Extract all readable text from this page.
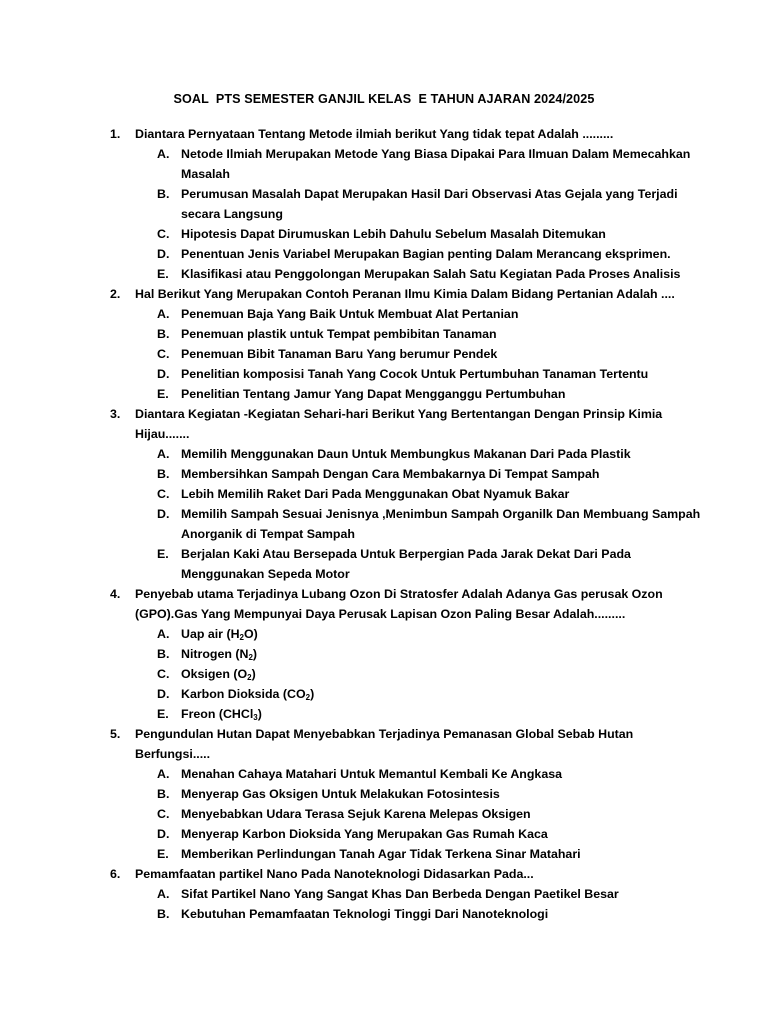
SOAL  PTS SEMESTER GANJIL KELAS  E TAHUN AJARAN 2024/2025
1. Diantara Pernyataan Tentang Metode ilmiah berikut Yang tidak tepat Adalah .........
A. Netode Ilmiah Merupakan Metode Yang Biasa Dipakai Para Ilmuan Dalam Memecahkan Masalah
B. Perumusan Masalah Dapat Merupakan Hasil Dari Observasi Atas Gejala yang Terjadi secara Langsung
C. Hipotesis Dapat Dirumuskan Lebih Dahulu Sebelum Masalah Ditemukan
D. Penentuan Jenis Variabel Merupakan Bagian penting Dalam Merancang eksprimen.
E. Klasifikasi atau Penggolongan Merupakan Salah Satu Kegiatan Pada Proses Analisis
2. Hal Berikut Yang Merupakan Contoh Peranan Ilmu Kimia Dalam Bidang Pertanian Adalah ....
A. Penemuan Baja Yang Baik Untuk Membuat Alat Pertanian
B. Penemuan plastik untuk Tempat pembibitan Tanaman
C. Penemuan Bibit Tanaman Baru Yang berumur Pendek
D. Penelitian komposisi Tanah Yang Cocok Untuk Pertumbuhan Tanaman Tertentu
E. Penelitian Tentang Jamur Yang Dapat Mengganggu Pertumbuhan
3. Diantara Kegiatan -Kegiatan Sehari-hari Berikut Yang Bertentangan Dengan Prinsip Kimia Hijau.......
A. Memilih Menggunakan Daun Untuk Membungkus Makanan Dari Pada Plastik
B. Membersihkan Sampah Dengan Cara Membakarnya Di Tempat Sampah
C. Lebih Memilih Raket Dari Pada Menggunakan Obat Nyamuk Bakar
D. Memilih Sampah Sesuai Jenisnya ,Menimbun Sampah Organilk Dan Membuang Sampah Anorganik di Tempat Sampah
E. Berjalan Kaki Atau Bersepada Untuk Berpergian Pada Jarak Dekat Dari Pada Menggunakan Sepeda Motor
4. Penyebab utama Terjadinya Lubang Ozon Di Stratosfer Adalah Adanya Gas perusak Ozon (GPO).Gas Yang Mempunyai Daya Perusak Lapisan Ozon Paling Besar Adalah.........
A. Uap air $(H_2O)$
B. Nitrogen $(N_2)$
C. Oksigen $(O_2)$
D. Karbon Dioksida $(CO_2)$
E. Freon (CHCl$_3$)
5. Pengundulan Hutan Dapat Menyebabkan Terjadinya Pemanasan Global Sebab Hutan Berfungsi.....
A. Menahan Cahaya Matahari Untuk Memantul Kembali Ke Angkasa
B. Menyerap Gas Oksigen Untuk Melakukan Fotosintesis
C. Menyebabkan Udara Terasa Sejuk Karena Melepas Oksigen
D. Menyerap Karbon Dioksida Yang Merupakan Gas Rumah Kaca
E. Memberikan Perlindungan Tanah Agar Tidak Terkena Sinar Matahari
6. Pemamfaatan partikel Nano Pada Nanoteknologi Didasarkan Pada...
A. Sifat Partikel Nano Yang Sangat Khas Dan Berbeda Dengan Paetikel Besar
B. Kebutuhan Pemamfaatan Teknologi Tinggi Dari Nanoteknologi
